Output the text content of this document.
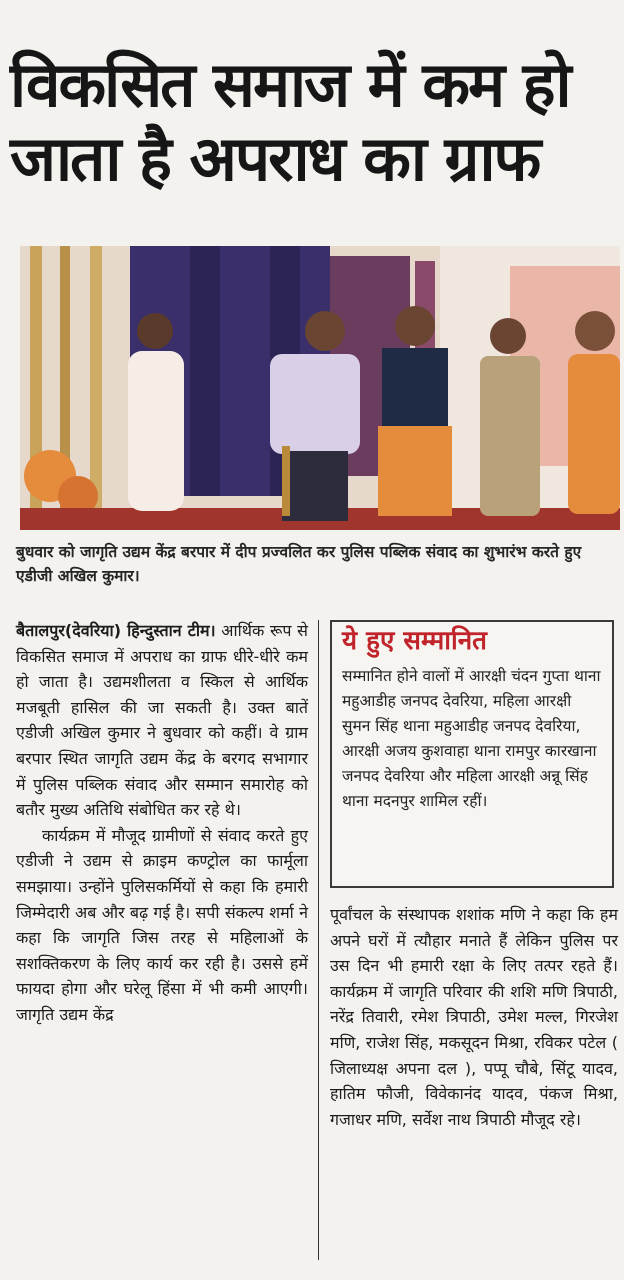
विकसित समाज में कम हो जाता है अपराध का ग्राफ

बुधवार को जागृति उद्यम केंद्र बरपार में दीप प्रज्वलित कर पुलिस पब्लिक संवाद का शुभारंभ करते हुए एडीजी अखिल कुमार।

बैतालपुर(देवरिया) हिन्दुस्तान टीम। आर्थिक रूप से विकसित समाज में अपराध का ग्राफ धीरे-धीरे कम हो जाता है। उद्यमशीलता व स्किल से आर्थिक मजबूती हासिल की जा सकती है। उक्त बातें एडीजी अखिल कुमार ने बुधवार को कहीं। वे ग्राम बरपार स्थित जागृति उद्यम केंद्र के बरगद सभागार में पुलिस पब्लिक संवाद और सम्मान समारोह को बतौर मुख्य अतिथि संबोधित कर रहे थे।

कार्यक्रम में मौजूद ग्रामीणों से संवाद करते हुए एडीजी ने उद्यम से क्राइम कण्ट्रोल का फार्मूला समझाया। उन्होंने पुलिसकर्मियों से कहा कि हमारी जिम्मेदारी अब और बढ़ गई है। सपी संकल्प शर्मा ने कहा कि जागृति जिस तरह से महिलाओं के सशक्तिकरण के लिए कार्य कर रही है। उससे हमें फायदा होगा और घरेलू हिंसा में भी कमी आएगी। जागृति उद्यम केंद्र

ये हुए सम्मानित

सम्मानित होने वालों में आरक्षी चंदन गुप्ता थाना महुआडीह जनपद देवरिया, महिला आरक्षी सुमन सिंह थाना महुआडीह जनपद देवरिया, आरक्षी अजय कुशवाहा थाना रामपुर कारखाना जनपद देवरिया और महिला आरक्षी अन्नू सिंह थाना मदनपुर शामिल रहीं।

पूर्वांचल के संस्थापक शशांक मणि ने कहा कि हम अपने घरों में त्यौहार मनाते हैं लेकिन पुलिस पर उस दिन भी हमारी रक्षा के लिए तत्पर रहते हैं। कार्यक्रम में जागृति परिवार की शशि मणि त्रिपाठी, नरेंद्र तिवारी, रमेश त्रिपाठी, उमेश मल्ल, गिरजेश मणि, राजेश सिंह, मकसूदन मिश्रा, रविकर पटेल ( जिलाध्यक्ष अपना दल ), पप्पू चौबे, सिंटू यादव, हातिम फौजी, विवेकानंद यादव, पंकज मिश्रा, गजाधर मणि, सर्वेश नाथ त्रिपाठी मौजूद रहे।
